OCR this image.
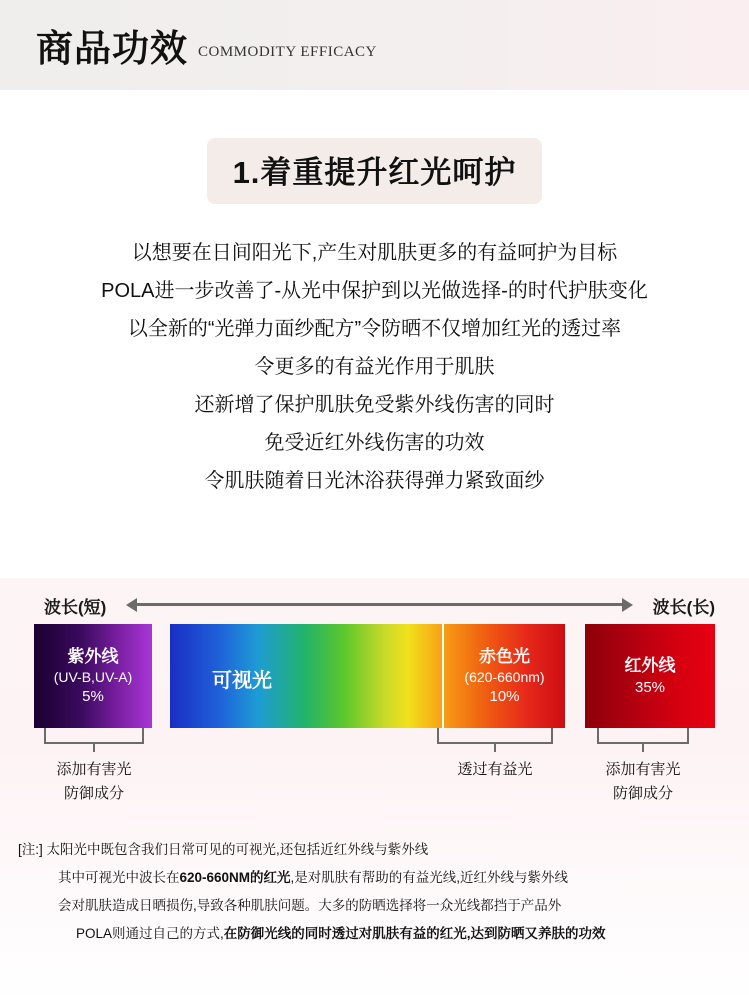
商品功效 COMMODITY EFFICACY
1.着重提升红光呵护
以想要在日间阳光下,产生对肌肤更多的有益呵护为目标
POLA进一步改善了-从光中保护到以光做选择-的时代护肤变化
以全新的“光弹力面纱配方”令防晒不仅增加红光的透过率
令更多的有益光作用于肌肤
还新增了保护肌肤免受紫外线伤害的同时
免受近红外线伤害的功效
令肌肤随着日光沐浴获得弹力紧致面纱
波长(短)	波长(长)
紫外线
(UV-B,UV-A)
5%
可视光
赤色光
(620-660nm)
10%
红外线
35%
添加有害光
防御成分
透过有益光	添加有害光
防御成分
[注:] 太阳光中既包含我们日常可见的可视光,还包括近红外线与紫外线
其中可视光中波长在620-660NM的红光,是对肌肤有帮助的有益光线,近红外线与紫外线
会对肌肤造成日晒损伤,导致各种肌肤问题。大多的防晒选择将一众光线都挡于产品外
POLA则通过自己的方式,在防御光线的同时透过对肌肤有益的红光,达到防晒又养肤的功效
